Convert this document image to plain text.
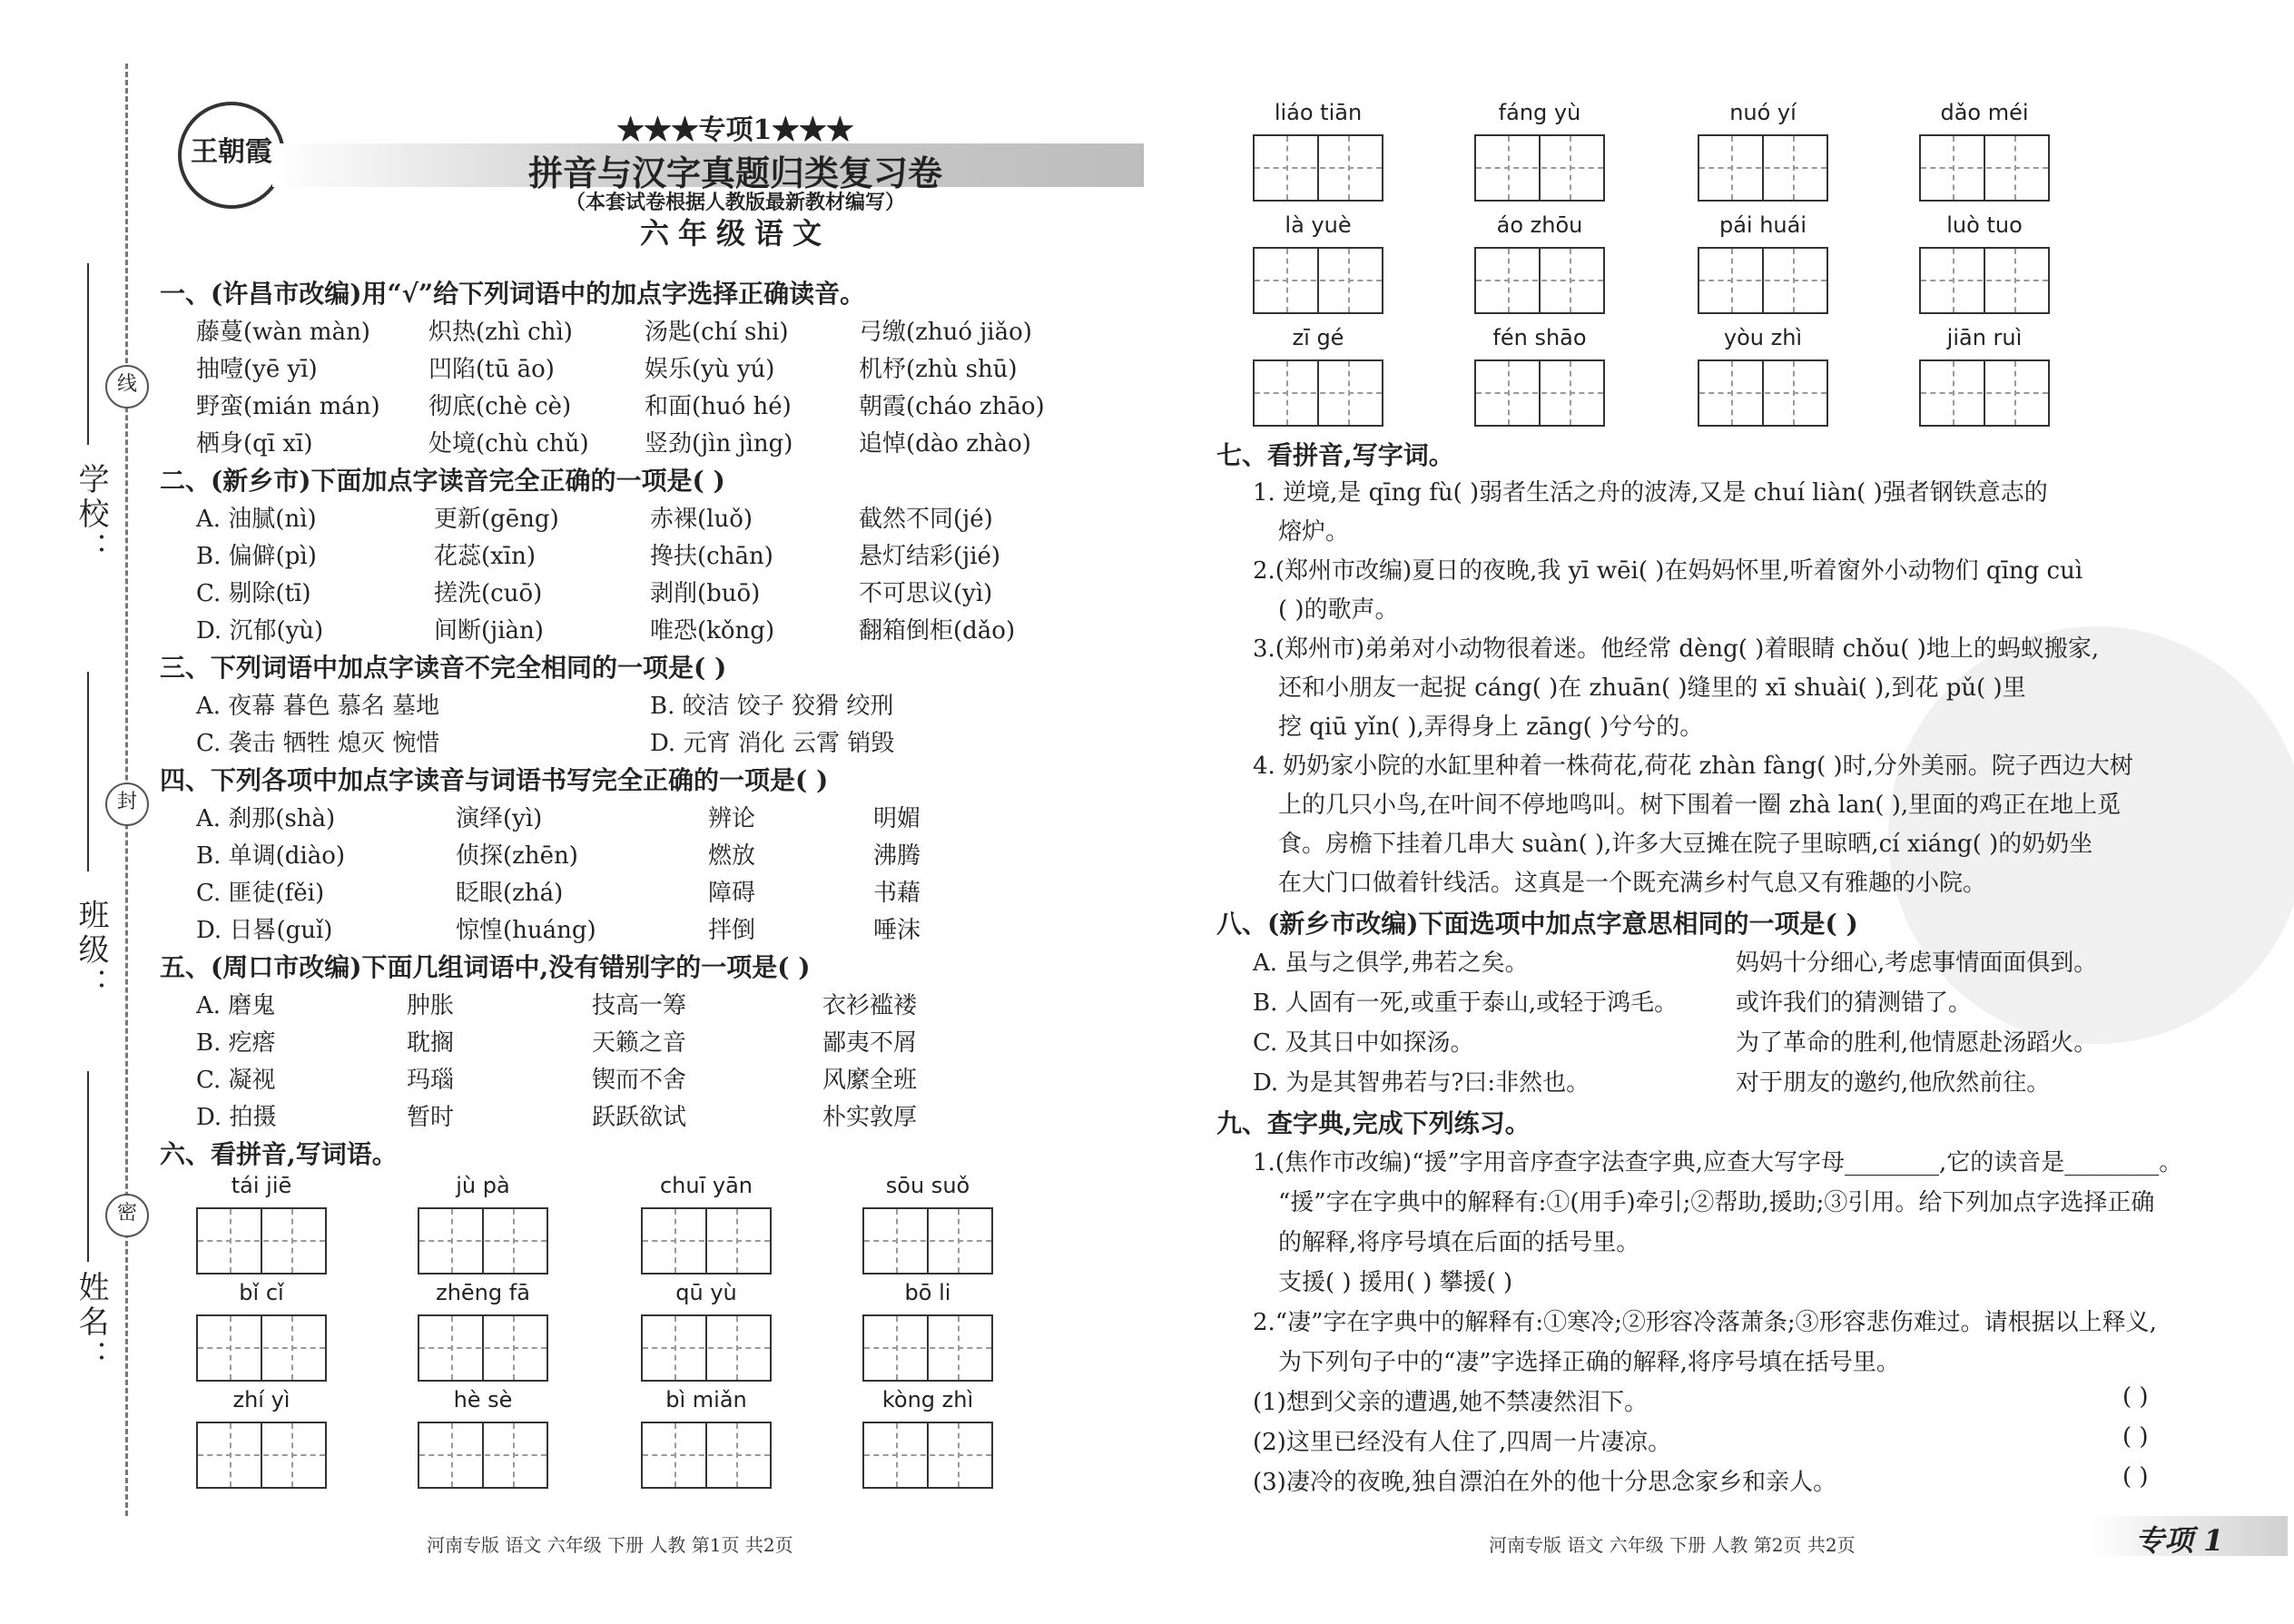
线
封
密
学校：
班级：
姓名：
王朝霞
★★★专项1★★★
拼音与汉字真题归类复习卷
（本套试卷根据人教版最新教材编写）
六年级语文
一、(许昌市改编)用“√”给下列词语中的加点字选择正确读音。
藤蔓(wàn màn) 炽热(zhì chì)	汤匙(chí shi)	弓缴(zhuó jiǎo)
抽噎(yē yī)	凹陷(tū āo)	娱乐(yù yú)	机杼(zhù shū)
野蛮(mián mán) 彻底(chè cè)	和面(huó hé)	朝霞(cháo zhāo)
栖身(qī xī)	处境(chù chǔ) 竖劲(jìn jìng)	追悼(dào zhào)
二、(新乡市)下面加点字读音完全正确的一项是( )
A. 油腻(nì)	更新(gēng)	赤裸(luǒ)	截然不同(jé)
B. 偏僻(pì)	花蕊(xīn)	搀扶(chān)	悬灯结彩(jié)
C. 剔除(tī)	搓洗(cuō)	剥削(buō)	不可思议(yì)
D. 沉郁(yù)	间断(jiàn)	唯恐(kǒng)	翻箱倒柜(dǎo)
三、下列词语中加点字读音不完全相同的一项是( )
A. 夜幕 暮色 慕名 墓地	B. 皎洁 饺子 狡猾 绞刑
C. 袭击 牺牲 熄灭 惋惜	D. 元宵 消化 云霄 销毁
四、下列各项中加点字读音与词语书写完全正确的一项是( )
A. 刹那(shà)	演绎(yì)	辨论	明媚
B. 单调(diào)	侦探(zhēn)	燃放	沸腾
C. 匪徒(fěi)	眨眼(zhá)	障碍	书藉
D. 日晷(guǐ)	惊惶(huáng)	拌倒	唾沫
五、(周口市改编)下面几组词语中,没有错别字的一项是( )
A. 磨鬼	肿胀	技高一筹	衣衫褴褛
B. 疙瘩	耽搁	天籁之音	鄙夷不屑
C. 凝视	玛瑙	锲而不舍	风縻全班
D. 拍摄	暂时	跃跃欲试	朴实敦厚
六、看拼音,写词语。
tái jiē	jù pà	chuī yān	sōu suǒ
bǐ cǐ	zhēng fā	qū yù	bō li
zhí yì	hè sè	bì miǎn	kòng zhì
河南专版 语文 六年级 下册 人教 第1页 共2页
liáo tiān	fáng yù	nuó yí	dǎo méi
là yuè	áo zhōu	pái huái	luò tuo
zī gé	fén shāo	yòu zhì	jiān ruì
七、看拼音,写字词。
1. 逆境,是 qīng fù( )弱者生活之舟的波涛,又是 chuí liàn( )强者钢铁意志的
熔炉。
2.(郑州市改编)夏日的夜晚,我 yī wēi( )在妈妈怀里,听着窗外小动物们 qīng cuì
( )的歌声。
3.(郑州市)弟弟对小动物很着迷。他经常 dèng( )着眼睛 chǒu( )地上的蚂蚁搬家,
还和小朋友一起捉 cáng( )在 zhuān( )缝里的 xī shuài( ),到花 pǔ( )里
挖 qiū yǐn( ),弄得身上 zāng( )兮兮的。
4. 奶奶家小院的水缸里种着一株荷花,荷花 zhàn fàng( )时,分外美丽。院子西边大树
上的几只小鸟,在叶间不停地鸣叫。树下围着一圈 zhà lan( ),里面的鸡正在地上觅
食。房檐下挂着几串大 suàn( ),许多大豆摊在院子里晾晒,cí xiáng( )的奶奶坐
在大门口做着针线活。这真是一个既充满乡村气息又有雅趣的小院。
八、(新乡市改编)下面选项中加点字意思相同的一项是( )
A. 虽与之俱学,弗若之矣。	妈妈十分细心,考虑事情面面俱到。
B. 人固有一死,或重于泰山,或轻于鸿毛。 或许我们的猜测错了。
C. 及其日中如探汤。	为了革命的胜利,他情愿赴汤蹈火。
D. 为是其智弗若与?曰:非然也。	对于朋友的邀约,他欣然前往。
九、查字典,完成下列练习。
1.(焦作市改编)“援”字用音序查字法查字典,应查大写字母________,它的读音是________。
“援”字在字典中的解释有:①(用手)牵引;②帮助,援助;③引用。给下列加点字选择正确
的解释,将序号填在后面的括号里。
支援( ) 援用( ) 攀援( )
2.“凄”字在字典中的解释有:①寒冷;②形容冷落萧条;③形容悲伤难过。请根据以上释义,
为下列句子中的“凄”字选择正确的解释,将序号填在括号里。
(1)想到父亲的遭遇,她不禁凄然泪下。	( )
(2)这里已经没有人住了,四周一片凄凉。	( )
(3)凄冷的夜晚,独自漂泊在外的他十分思念家乡和亲人。	( )
河南专版 语文 六年级 下册 人教 第2页 共2页	专项 1
